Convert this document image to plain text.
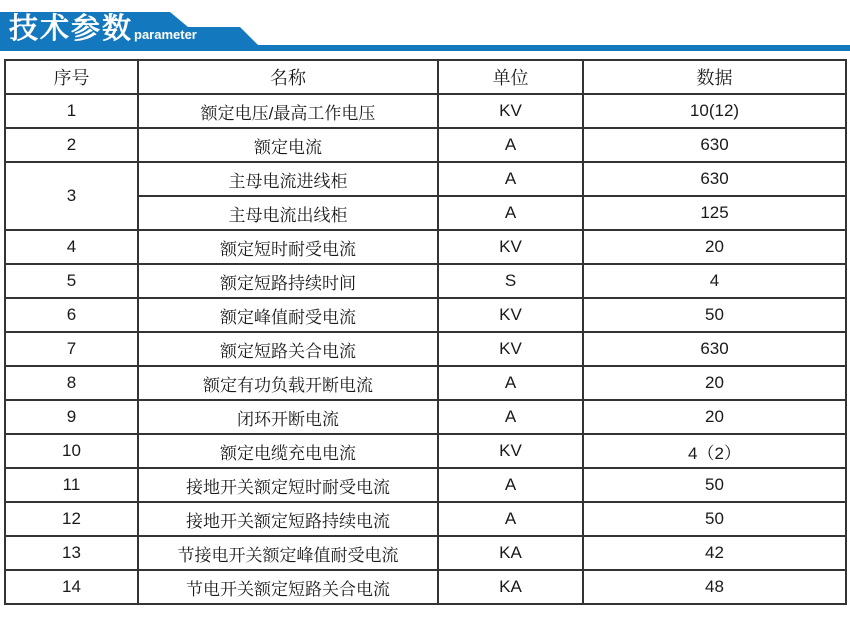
技术参数 parameter
序号	名称	单位	数据
1	额定电压/最高工作电压	KV	10(12)
2	额定电流	A	630
3	主母电流进线柜	A	630
	主母电流出线柜	A	125
4	额定短时耐受电流	KV	20
5	额定短路持续时间	S	4
6	额定峰值耐受电流	KV	50
7	额定短路关合电流	KV	630
8	额定有功负载开断电流	A	20
9	闭环开断电流	A	20
10	额定电缆充电电流	KV	4（2）
11	接地开关额定短时耐受电流	A	50
12	接地开关额定短路持续电流	A	50
13	节接电开关额定峰值耐受电流	KA	42
14	节电开关额定短路关合电流	KA	48
